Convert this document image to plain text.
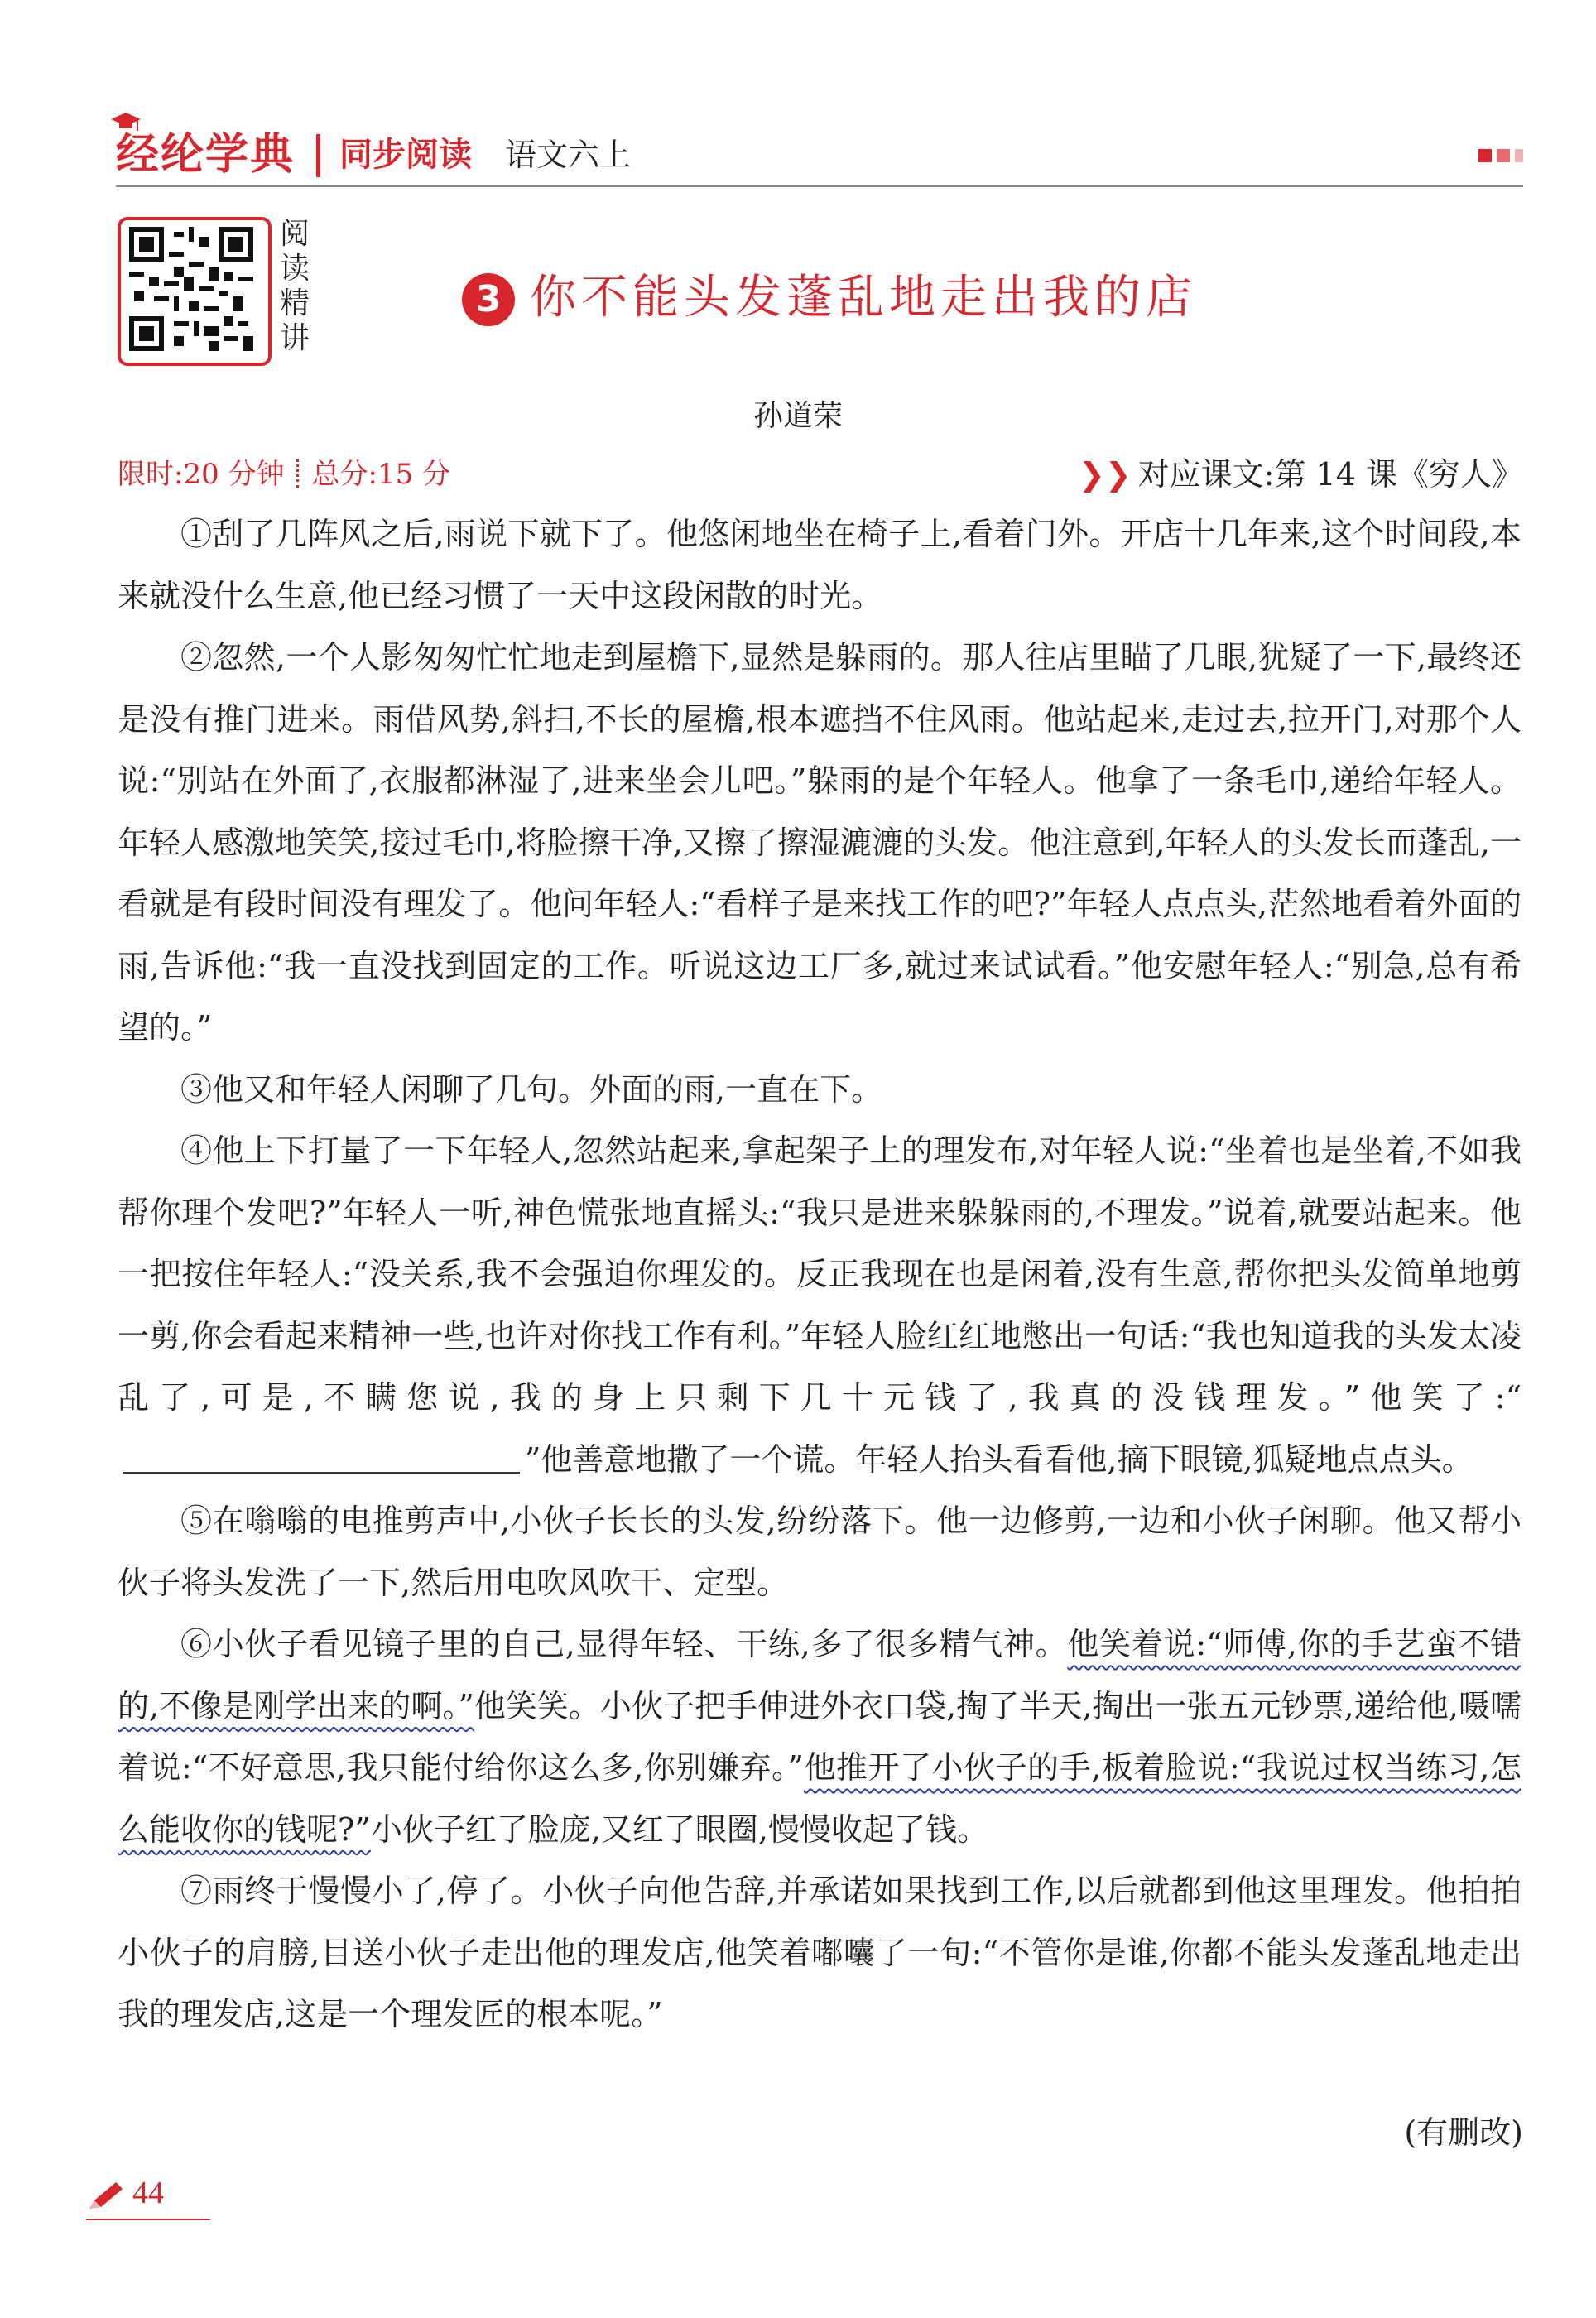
经纶学典 同步阅读 语文六上
阅
读
精
讲
3 你不能头发蓬乱地走出我的店
孙道荣
限时:20 分钟 总分:15 分	❯❯ 对应课文:第 14 课《穷人》

①刮了几阵风之后,雨说下就下了。他悠闲地坐在椅子上,看着门外。开店十几年来,这个时间段,本来就没什么生意,他已经习惯了一天中这段闲散的时光。

②忽然,一个人影匆匆忙忙地走到屋檐下,显然是躲雨的。那人往店里瞄了几眼,犹疑了一下,最终还是没有推门进来。雨借风势,斜扫,不长的屋檐,根本遮挡不住风雨。他站起来,走过去,拉开门,对那个人说:“别站在外面了,衣服都淋湿了,进来坐会儿吧。”躲雨的是个年轻人。他拿了一条毛巾,递给年轻人。年轻人感激地笑笑,接过毛巾,将脸擦干净,又擦了擦湿漉漉的头发。他注意到,年轻人的头发长而蓬乱,一看就是有段时间没有理发了。他问年轻人:“看样子是来找工作的吧?”年轻人点点头,茫然地看着外面的雨,告诉他:“我一直没找到固定的工作。听说这边工厂多,就过来试试看。”他安慰年轻人:“别急,总有希望的。”

③他又和年轻人闲聊了几句。外面的雨,一直在下。

④他上下打量了一下年轻人,忽然站起来,拿起架子上的理发布,对年轻人说:“坐着也是坐着,不如我帮你理个发吧?”年轻人一听,神色慌张地直摇头:“我只是进来躲躲雨的,不理发。”说着,就要站起来。他一把按住年轻人:“没关系,我不会强迫你理发的。反正我现在也是闲着,没有生意,帮你把头发简单地剪一剪,你会看起来精神一些,也许对你找工作有利。”年轻人脸红红地憋出一句话:“我也知道我的头发太凌乱了,可是,不瞒您说,我的身上只剩下几十元钱了,我真的没钱理发。”他笑了:“”他善意地撒了一个谎。年轻人抬头看看他,摘下眼镜,狐疑地点点头。

⑤在嗡嗡的电推剪声中,小伙子长长的头发,纷纷落下。他一边修剪,一边和小伙子闲聊。他又帮小伙子将头发洗了一下,然后用电吹风吹干、定型。

⑥小伙子看见镜子里的自己,显得年轻、干练,多了很多精气神。他笑着说:“师傅,你的手艺蛮不错的,不像是刚学出来的啊。”他笑笑。小伙子把手伸进外衣口袋,掏了半天,掏出一张五元钞票,递给他,嗫嚅着说:“不好意思,我只能付给你这么多,你别嫌弃。”他推开了小伙子的手,板着脸说:“我说过权当练习,怎么能收你的钱呢?”小伙子红了脸庞,又红了眼圈,慢慢收起了钱。

⑦雨终于慢慢小了,停了。小伙子向他告辞,并承诺如果找到工作,以后就都到他这里理发。他拍拍小伙子的肩膀,目送小伙子走出他的理发店,他笑着嘟囔了一句:“不管你是谁,你都不能头发蓬乱地走出我的理发店,这是一个理发匠的根本呢。”

(有删改)
44
